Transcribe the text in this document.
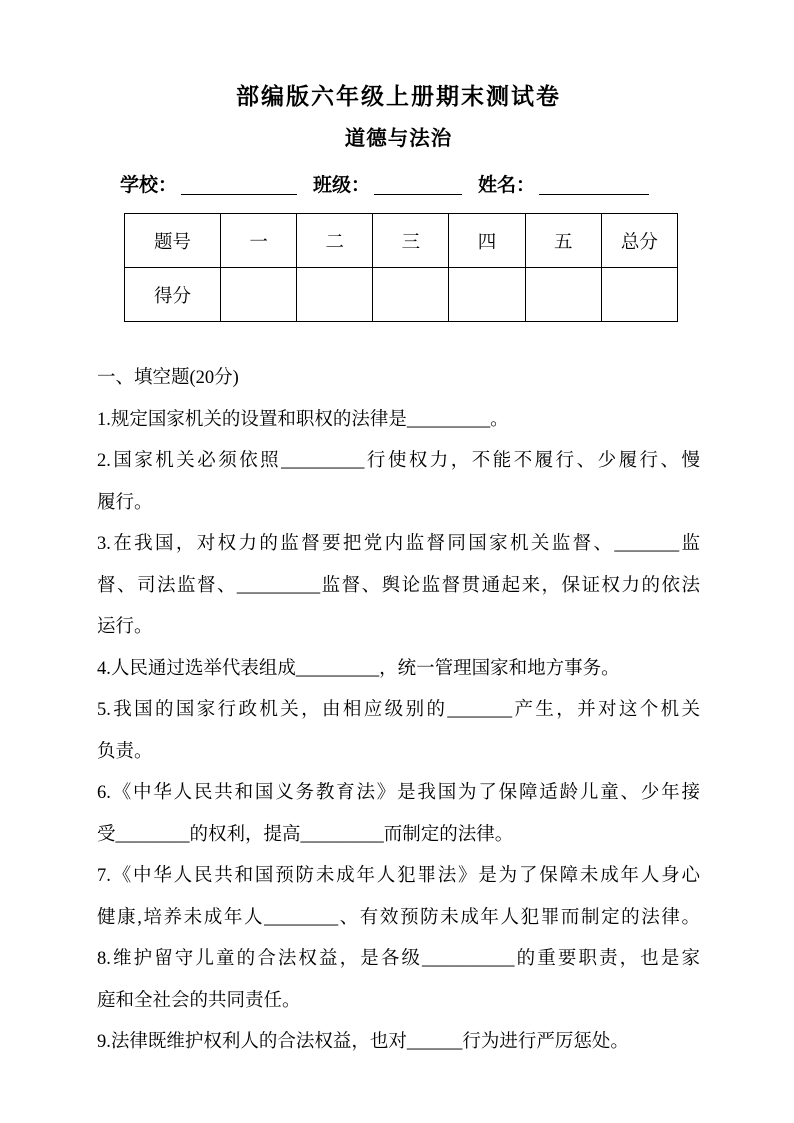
部编版六年级上册期末测试卷
道德与法治
学校：	班级：	姓名：
题号	一	二	三	四	五	总分
得分						
一、填空题(20分)
1.规定国家机关的设置和职权的法律是_________。
2.国家机关必须依照_________行使权力，不能不履行、少履行、慢
履行。
3.在我国，对权力的监督要把党内监督同国家机关监督、_______监
督、司法监督、_________监督、舆论监督贯通起来，保证权力的依法
运行。
4.人民通过选举代表组成_________，统一管理国家和地方事务。
5.我国的国家行政机关，由相应级别的_______产生，并对这个机关
负责。
6.《中华人民共和国义务教育法》是我国为了保障适龄儿童、少年接
受________的权利，提高_________而制定的法律。
7.《中华人民共和国预防未成年人犯罪法》是为了保障未成年人身心
健康,培养未成年人________、有效预防未成年人犯罪而制定的法律。
8.维护留守儿童的合法权益，是各级__________的重要职责，也是家
庭和全社会的共同责任。
9.法律既维护权利人的合法权益，也对______行为进行严厉惩处。
